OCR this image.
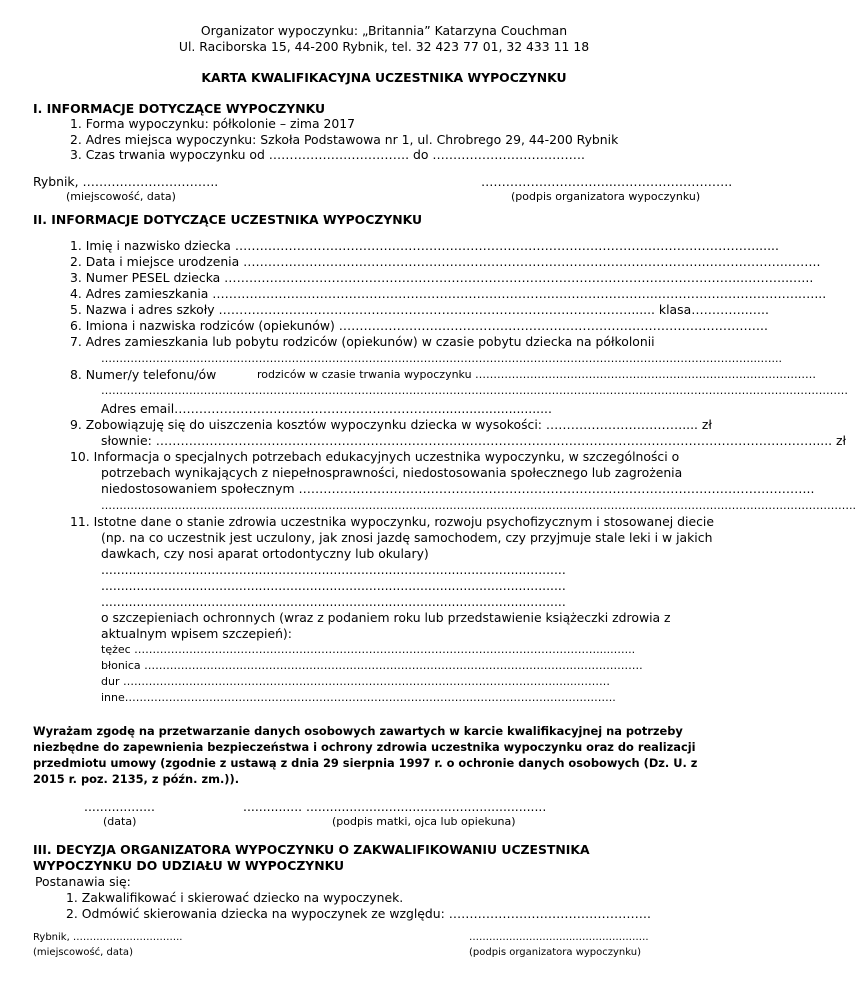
Organizator wypoczynku: „Britannia” Katarzyna Couchman
Ul. Raciborska 15, 44-200 Rybnik, tel. 32 423 77 01, 32 433 11 18
KARTA KWALIFIKACYJNA UCZESTNIKA WYPOCZYNKU
I. INFORMACJE DOTYCZĄCE WYPOCZYNKU
1. Forma wypoczynku: półkolonie – zima 2017
2. Adres miejsca wypoczynku: Szkoła Podstawowa nr 1, ul. Chrobrego 29, 44-200 Rybnik
3. Czas trwania wypoczynku od ……………………………. do ……………………………….
Rybnik, ……….…………………..
(miejscowość, data)
…………………………..………………………..
(podpis organizatora wypoczynku)
II. INFORMACJE DOTYCZĄCE UCZESTNIKA WYPOCZYNKU
1. Imię i nazwisko dziecka ………………………………………………………………………………………………………………......
2. Data i miejsce urodzenia ………………………………………………………………………………………………….………………..……..
3. Numer PESEL dziecka ……………………………………………………………………………………………………………...………...…..
4. Adres zamieszkania ……………………………………………………………………….……………………..……………………………..…...
5. Nazwa i adres szkoły …………………………………………………………………….…………………...... klasa…………..…..
6. Imiona i nazwiska rodziców (opiekunów) …………………………………………………………………………………………..
7. Adres zamieszkania lub pobytu rodziców (opiekunów) w czasie pobytu dziecka na półkolonii
……………………………………………………………………………………………………………………………………………………………...…...
8. Numer/y telefonu/ów	rodziców w czasie trwania wypoczynku …………………………………………………………………………………
………………………………………………………………………………………………………..…………..…..…………………………………………………………
Adres email…………………………………………………….................................
9. Zobowiązuję się do uiszczenia kosztów wypoczynku dziecka w wysokości: …………………………….... zł
słownie: ……………………………………………………………………………………………………………………………………………..... zł
10. Informacja o specjalnych potrzebach edukacyjnych uczestnika wypoczynku, w szczególności o
potrzebach wynikających z niepełnosprawności, niedostosowania społecznego lub zagrożenia
niedostosowaniem społecznym ……………………………………………………………………………………………………………..
……………………………………………………………………………………………………………………………………………………………………………………..
11. Istotne dane o stanie zdrowia uczestnika wypoczynku, rozwoju psychofizycznym i stosowanej diecie
(np. na co uczestnik jest uczulony, jak znosi jazdę samochodem, czy przyjmuje stale leki i w jakich
dawkach, czy nosi aparat ortodontyczny lub okulary)
......................................................................................................................
......................................................................................................................
......................................................................................................................
o szczepieniach ochronnych (wraz z podaniem roku lub przedstawienie książeczki zdrowia z
aktualnym wpisem szczepień):
tężec ……………………………………………………………………………………………………………….....…...
błonica ……………………………………………………………………………………………………………………….
dur ……………………………………………………………………………………………………….…...………
inne……………………………………………………………………………………………………………………..
Wyrażam zgodę na przetwarzanie danych osobowych zawartych w karcie kwalifikacyjnej na potrzeby
niezbędne do zapewnienia bezpieczeństwa i ochrony zdrowia uczestnika wypoczynku oraz do realizacji
przedmiotu umowy (zgodnie z ustawą z dnia 29 sierpnia 1997 r. o ochronie danych osobowych (Dz. U. z
2015 r. poz. 2135, z późn. zm.)).
..................
(data)
............... .............................................................
(podpis matki, ojca lub opiekuna)
III. DECYZJA ORGANIZATORA WYPOCZYNKU O ZAKWALIFIKOWANIU UCZESTNIKA
WYPOCZYNKU DO UDZIAŁU W WYPOCZYNKU
Postanawia się:
1. Zakwalifikować i skierować dziecko na wypoczynek.
2. Odmówić skierowania dziecka na wypoczynek ze względu: ………………………………………….
Rybnik, ……….…………………..
(miejscowość, data)
…………………………..………………….
(podpis organizatora wypoczynku)
